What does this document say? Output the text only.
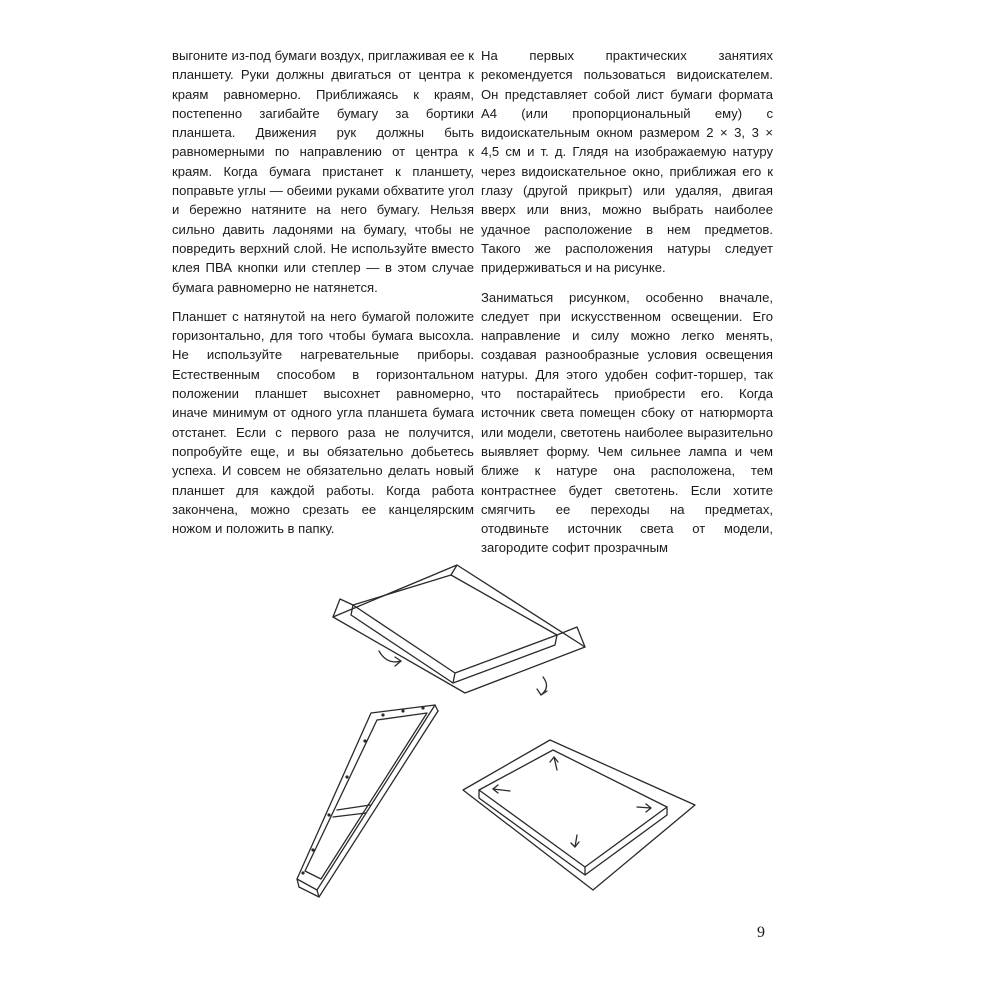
выгоните из-под бумаги воздух, приглаживая ее к планшету. Руки должны двигаться от центра к краям равномерно. Приближаясь к краям, постепенно загибайте бумагу за бортики планшета. Движения рук должны быть равномерными по направлению от центра к краям. Когда бумага пристанет к планшету, поправьте углы — обеими руками обхватите угол и бережно натяните на него бумагу. Нельзя сильно давить ладонями на бумагу, чтобы не повредить верхний слой. Не используйте вместо клея ПВА кнопки или степлер — в этом случае бумага равномерно не натянется.

Планшет с натянутой на него бумагой положите горизонтально, для того чтобы бумага высохла. Не используйте нагревательные приборы. Естественным способом в горизонтальном положении планшет высохнет равномерно, иначе минимум от одного угла планшета бумага отстанет. Если с первого раза не получится, попробуйте еще, и вы обязательно добьетесь успеха. И совсем не обязательно делать новый планшет для каждой работы. Когда работа закончена, можно срезать ее канцелярским ножом и положить в папку.

На первых практических занятиях рекомендуется пользоваться видоискателем. Он представляет собой лист бумаги формата А4 (или пропорциональный ему) с видоискательным окном размером 2 × 3, 3 × 4,5 см и т. д. Глядя на изображаемую натуру через видоискательное окно, приближая его к глазу (другой прикрыт) или удаляя, двигая вверх или вниз, можно выбрать наиболее удачное расположение в нем предметов. Такого же расположения натуры следует придерживаться и на рисунке.

Заниматься рисунком, особенно вначале, следует при искусственном освещении. Его направление и силу можно легко менять, создавая разнообразные условия освещения натуры. Для этого удобен софит-торшер, так что постарайтесь приобрести его. Когда источник света помещен сбоку от натюрморта или модели, светотень наиболее выразительно выявляет форму. Чем сильнее лампа и чем ближе к натуре она расположена, тем контрастнее будет светотень. Если хотите смягчить ее переходы на предметах, отодвиньте источник света от модели, загородите софит прозрачным

9
